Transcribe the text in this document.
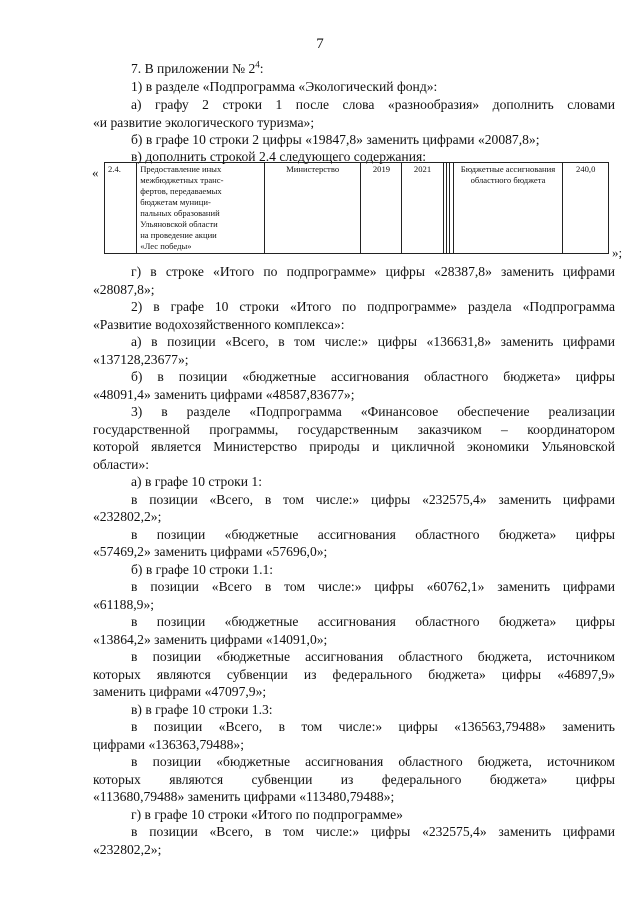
7
7. В приложении № $2^4$:
1) в разделе «Подпрограмма «Экологический фонд»:
а) графу 2 строки 1 после слова «разнообразия» дополнить словами
«и развитие экологического туризма»;
б) в графе 10 строки 2 цифры «19847,8» заменить цифрами «20087,8»;
в) дополнить строкой 2.4 следующего содержания:
« 2.4.	Предоставление иных
межбюджетных транс-
фертов, передаваемых
бюджетам муници-
пальных образований
Ульяновской области
на проведение акции
«Лес победы»
	Министерство	2019	2021				Бюджетные ассигнования областного бюджета	240,0
»;
г) в строке «Итого по подпрограмме» цифры «28387,8» заменить цифрами
«28087,8»;
2) в графе 10 строки «Итого по подпрограмме» раздела «Подпрограмма
«Развитие водохозяйственного комплекса»:
а) в позиции «Всего, в том числе:» цифры «136631,8» заменить цифрами
«137128,23677»;
б) в позиции «бюджетные ассигнования областного бюджета» цифры
«48091,4» заменить цифрами «48587,83677»;
3) в разделе «Подпрограмма «Финансовое обеспечение реализации
государственной программы, государственным заказчиком – координатором
которой является Министерство природы и цикличной экономики Ульяновской
области»:
а) в графе 10 строки 1:
в позиции «Всего, в том числе:» цифры «232575,4» заменить цифрами
«232802,2»;
в позиции «бюджетные ассигнования областного бюджета» цифры
«57469,2» заменить цифрами «57696,0»;
б) в графе 10 строки 1.1:
в позиции «Всего в том числе:» цифры «60762,1» заменить цифрами
«61188,9»;
в позиции «бюджетные ассигнования областного бюджета» цифры
«13864,2» заменить цифрами «14091,0»;
в позиции «бюджетные ассигнования областного бюджета, источником
которых являются субвенции из федерального бюджета» цифры «46897,9»
заменить цифрами «47097,9»;
в) в графе 10 строки 1.3:
в позиции «Всего, в том числе:» цифры «136563,79488» заменить
цифрами «136363,79488»;
в позиции «бюджетные ассигнования областного бюджета, источником
которых являются субвенции из федерального бюджета» цифры
«113680,79488» заменить цифрами «113480,79488»;
г) в графе 10 строки «Итого по подпрограмме»
в позиции «Всего, в том числе:» цифры «232575,4» заменить цифрами
«232802,2»;
